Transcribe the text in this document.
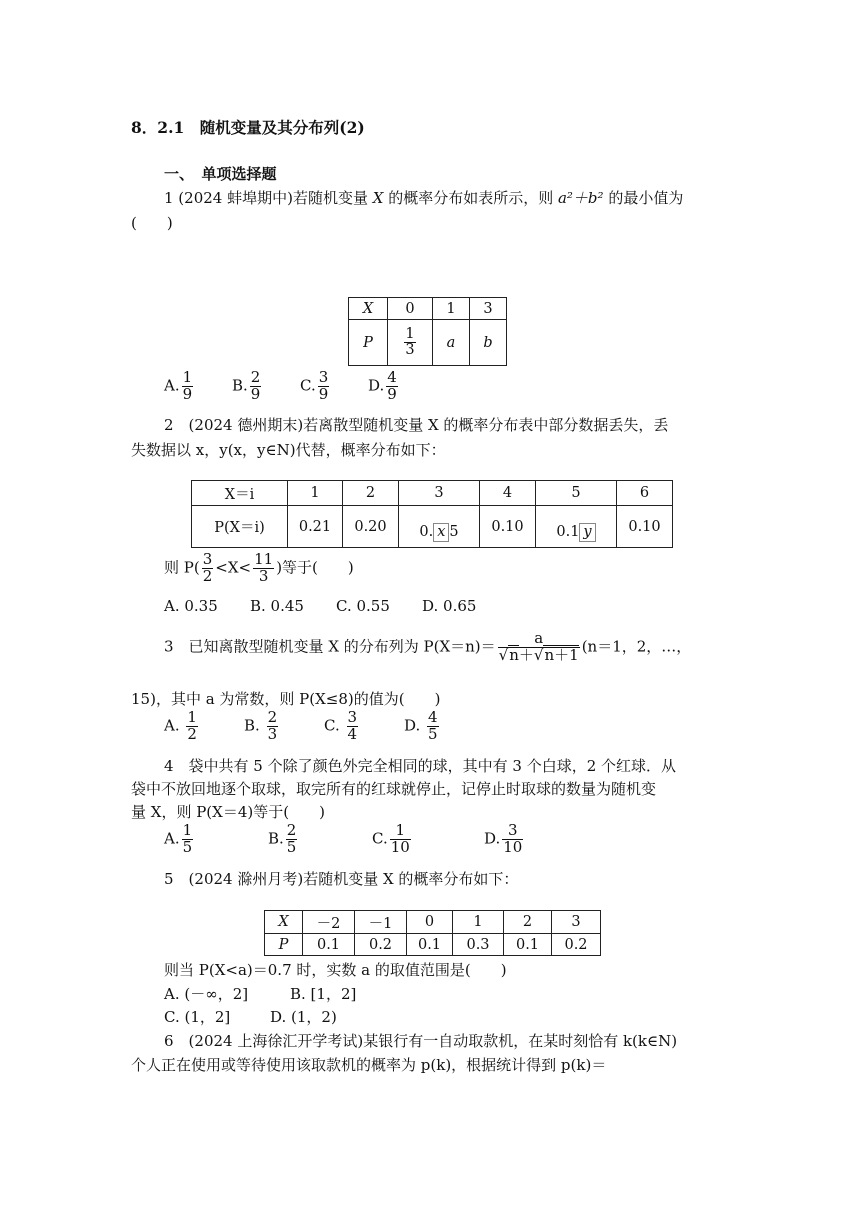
8．2.1　随机变量及其分布列(2)
一、　单项选择题
1 (2024 蚌埠期中)若随机变量 X 的概率分布如表所示，则 a²＋b² 的最小值为
(　　)
X	0	1	3
P	$\frac{1}{3}$	a	b
A. $\frac{1}{9}$	B. $\frac{2}{9}$	C. $\frac{3}{9}$	D. $\frac{4}{9}$
2　(2024 德州期末)若离散型随机变量 X 的概率分布表中部分数据丢失，丢
失数据以 x，y(x，y∈N)代替，概率分布如下：
X＝i	1	2	3	4	5	6
P(X＝i)	0.21	0.20	0. x 5	0.10	0.1 y	0.10
则 $P( \frac{3}{2} <X< \frac{11}{3}$ )等于(　　)
A. 0.35 B. 0.45 C. 0.55 D. 0.65
3　已知离散型随机变量 X 的分布列为 $P(X=n)= \frac{a}{√n+√n+1} (n=1$，2，…，
15)，其中 a 为常数，则 P(X≤8)的值为(　　)
A. $\frac{1}{2}$	B. $\frac{2}{3}$	C. $\frac{3}{4}$	D. $\frac{4}{5}$
4　袋中共有 5 个除了颜色外完全相同的球，其中有 3 个白球，2 个红球．从
袋中不放回地逐个取球，取完所有的红球就停止，记停止时取球的数量为随机变
量 X，则 P(X＝4)等于(　　)
A. $\frac{1}{5}$	B. $\frac{2}{5}$	C. $\frac{1}{10}$	D. $\frac{3}{10}$
5　(2024 滁州月考)若随机变量 X 的概率分布如下：
X	－2	－1	0	1	2	3
P	0.1	0.2	0.1	0.3	0.1	0.2
则当 P(X<a)＝0.7 时，实数 a 的取值范围是(　　)
A. (－∞，2]	B. [1，2]
C. (1，2]	D. (1，2)
6　(2024 上海徐汇开学考试)某银行有一自动取款机，在某时刻恰有 k(k∈N)
个人正在使用或等待使用该取款机的概率为 p(k)，根据统计得到 p(k)＝
